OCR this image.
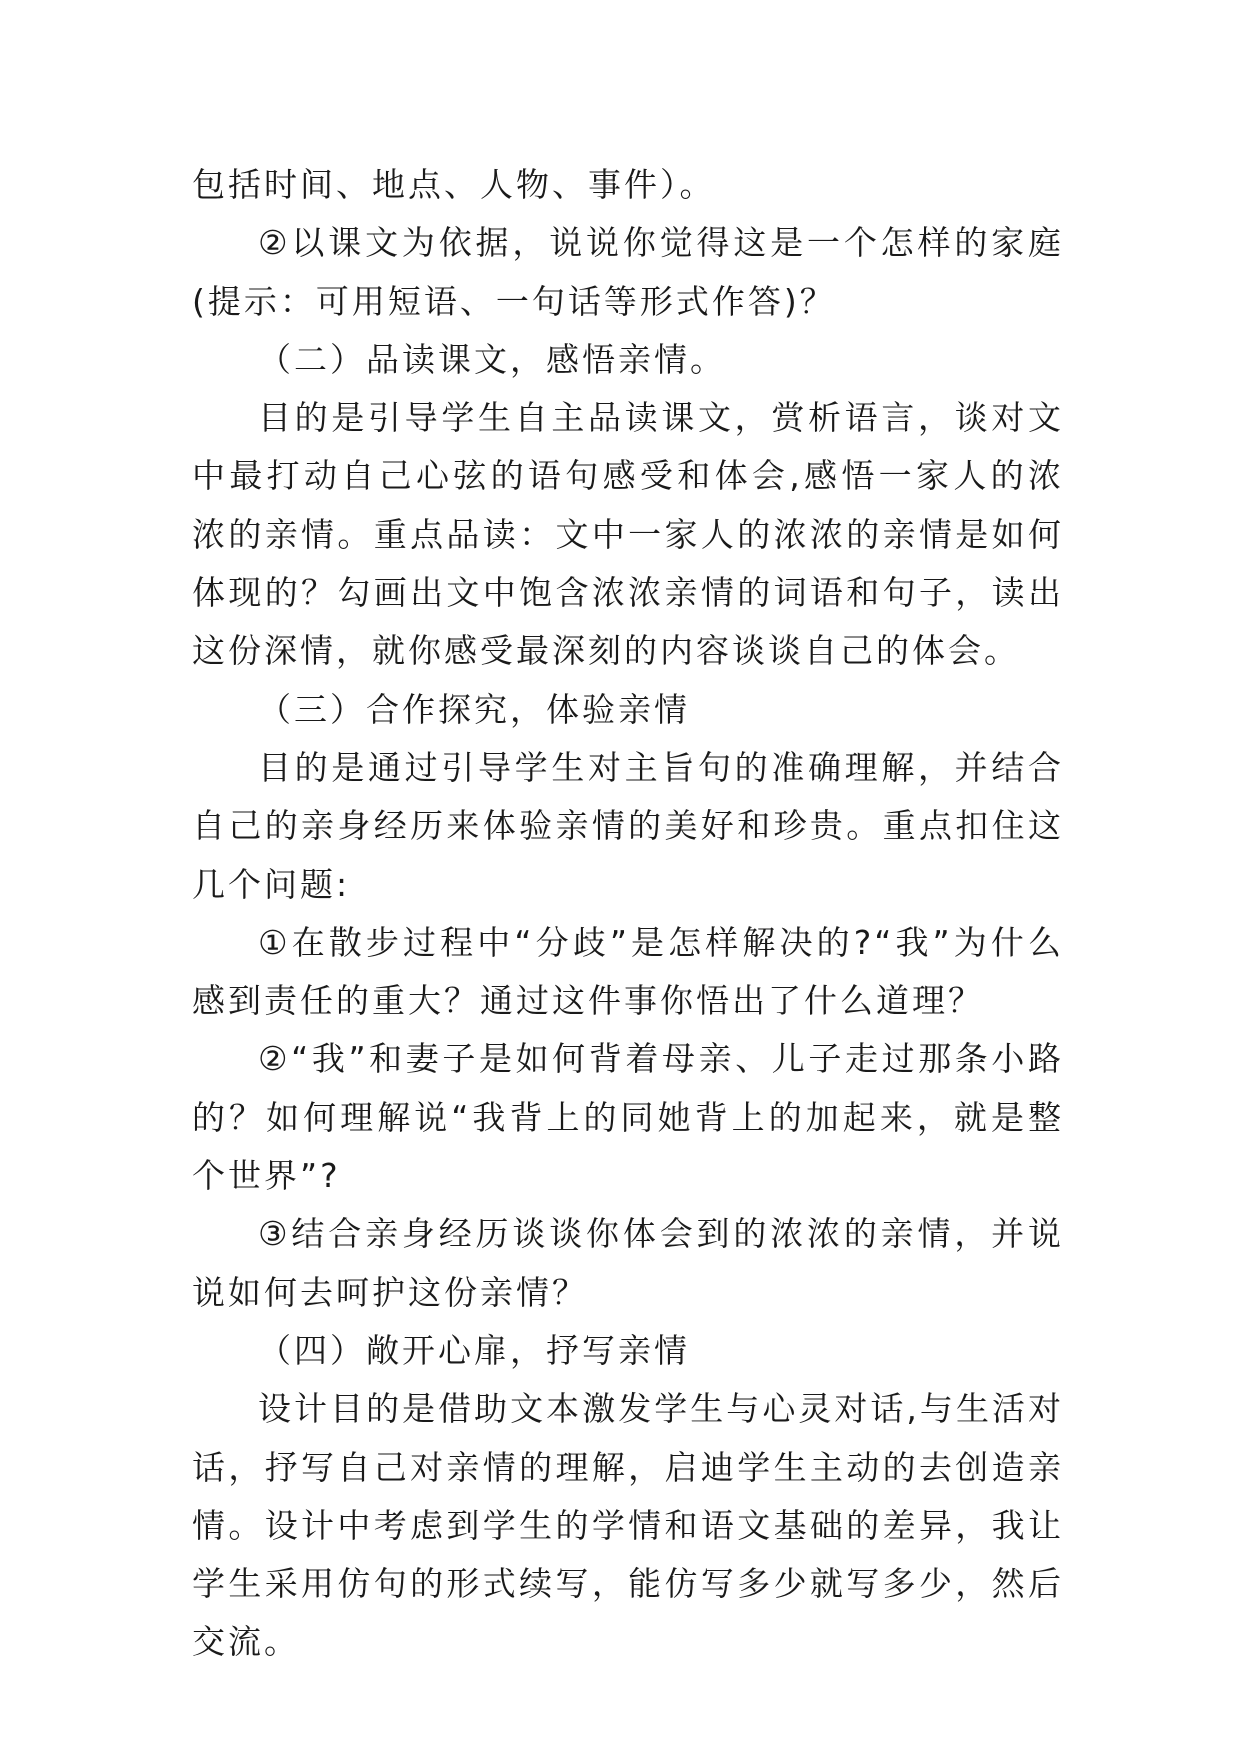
包括时间、地点、人物、事件）。

②以课文为依据，说说你觉得这是一个怎样的家庭(提示：可用短语、一句话等形式作答)？

（二）品读课文，感悟亲情。

目的是引导学生自主品读课文，赏析语言，谈对文中最打动自己心弦的语句感受和体会,感悟一家人的浓浓的亲情。重点品读：文中一家人的浓浓的亲情是如何体现的？勾画出文中饱含浓浓亲情的词语和句子，读出这份深情，就你感受最深刻的内容谈谈自己的体会。

（三）合作探究，体验亲情

目的是通过引导学生对主旨句的准确理解，并结合自己的亲身经历来体验亲情的美好和珍贵。重点扣住这几个问题:

①在散步过程中“分歧”是怎样解决的?“我”为什么感到责任的重大？通过这件事你悟出了什么道理？

②“我”和妻子是如何背着母亲、儿子走过那条小路的？如何理解说“我背上的同她背上的加起来，就是整个世界”?

③结合亲身经历谈谈你体会到的浓浓的亲情，并说说如何去呵护这份亲情？

（四）敞开心扉，抒写亲情

设计目的是借助文本激发学生与心灵对话,与生活对话，抒写自己对亲情的理解，启迪学生主动的去创造亲情。设计中考虑到学生的学情和语文基础的差异，我让学生采用仿句的形式续写，能仿写多少就写多少，然后交流。
